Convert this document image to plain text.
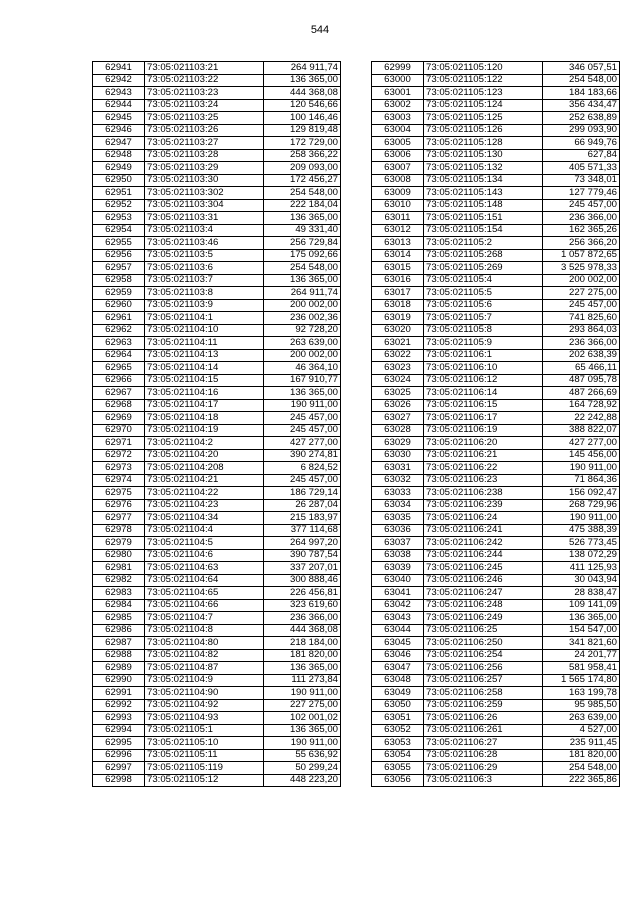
544
62941	73:05:021103:21	264 911,74
62942	73:05:021103:22	136 365,00
62943	73:05:021103:23	444 368,08
62944	73:05:021103:24	120 546,66
62945	73:05:021103:25	100 146,46
62946	73:05:021103:26	129 819,48
62947	73:05:021103:27	172 729,00
62948	73:05:021103:28	258 366,22
62949	73:05:021103:29	209 093,00
62950	73:05:021103:30	172 456,27
62951	73:05:021103:302	254 548,00
62952	73:05:021103:304	222 184,04
62953	73:05:021103:31	136 365,00
62954	73:05:021103:4	49 331,40
62955	73:05:021103:46	256 729,84
62956	73:05:021103:5	175 092,66
62957	73:05:021103:6	254 548,00
62958	73:05:021103:7	136 365,00
62959	73:05:021103:8	264 911,74
62960	73:05:021103:9	200 002,00
62961	73:05:021104:1	236 002,36
62962	73:05:021104:10	92 728,20
62963	73:05:021104:11	263 639,00
62964	73:05:021104:13	200 002,00
62965	73:05:021104:14	46 364,10
62966	73:05:021104:15	167 910,77
62967	73:05:021104:16	136 365,00
62968	73:05:021104:17	190 911,00
62969	73:05:021104:18	245 457,00
62970	73:05:021104:19	245 457,00
62971	73:05:021104:2	427 277,00
62972	73:05:021104:20	390 274,81
62973	73:05:021104:208	6 824,52
62974	73:05:021104:21	245 457,00
62975	73:05:021104:22	186 729,14
62976	73:05:021104:23	26 287,04
62977	73:05:021104:34	215 183,97
62978	73:05:021104:4	377 114,68
62979	73:05:021104:5	264 997,20
62980	73:05:021104:6	390 787,54
62981	73:05:021104:63	337 207,01
62982	73:05:021104:64	300 888,46
62983	73:05:021104:65	226 456,81
62984	73:05:021104:66	323 619,60
62985	73:05:021104:7	236 366,00
62986	73:05:021104:8	444 368,08
62987	73:05:021104:80	218 184,00
62988	73:05:021104:82	181 820,00
62989	73:05:021104:87	136 365,00
62990	73:05:021104:9	111 273,84
62991	73:05:021104:90	190 911,00
62992	73:05:021104:92	227 275,00
62993	73:05:021104:93	102 001,02
62994	73:05:021105:1	136 365,00
62995	73:05:021105:10	190 911,00
62996	73:05:021105:11	55 636,92
62997	73:05:021105:119	50 299,24
62998	73:05:021105:12	448 223,20
62999	73:05:021105:120	346 057,51
63000	73:05:021105:122	254 548,00
63001	73:05:021105:123	184 183,66
63002	73:05:021105:124	356 434,47
63003	73:05:021105:125	252 638,89
63004	73:05:021105:126	299 093,90
63005	73:05:021105:128	66 949,76
63006	73:05:021105:130	627,84
63007	73:05:021105:132	405 571,33
63008	73:05:021105:134	73 348,01
63009	73:05:021105:143	127 779,46
63010	73:05:021105:148	245 457,00
63011	73:05:021105:151	236 366,00
63012	73:05:021105:154	162 365,26
63013	73:05:021105:2	256 366,20
63014	73:05:021105:268	1 057 872,65
63015	73:05:021105:269	3 525 978,33
63016	73:05:021105:4	200 002,00
63017	73:05:021105:5	227 275,00
63018	73:05:021105:6	245 457,00
63019	73:05:021105:7	741 825,60
63020	73:05:021105:8	293 864,03
63021	73:05:021105:9	236 366,00
63022	73:05:021106:1	202 638,39
63023	73:05:021106:10	65 466,11
63024	73:05:021106:12	487 095,78
63025	73:05:021106:14	487 266,69
63026	73:05:021106:15	164 728,92
63027	73:05:021106:17	22 242,88
63028	73:05:021106:19	388 822,07
63029	73:05:021106:20	427 277,00
63030	73:05:021106:21	145 456,00
63031	73:05:021106:22	190 911,00
63032	73:05:021106:23	71 864,36
63033	73:05:021106:238	156 092,47
63034	73:05:021106:239	268 729,96
63035	73:05:021106:24	190 911,00
63036	73:05:021106:241	475 388,39
63037	73:05:021106:242	526 773,45
63038	73:05:021106:244	138 072,29
63039	73:05:021106:245	411 125,93
63040	73:05:021106:246	30 043,94
63041	73:05:021106:247	28 838,47
63042	73:05:021106:248	109 141,09
63043	73:05:021106:249	136 365,00
63044	73:05:021106:25	154 547,00
63045	73:05:021106:250	341 821,60
63046	73:05:021106:254	24 201,77
63047	73:05:021106:256	581 958,41
63048	73:05:021106:257	1 565 174,80
63049	73:05:021106:258	163 199,78
63050	73:05:021106:259	95 985,50
63051	73:05:021106:26	263 639,00
63052	73:05:021106:261	4 527,00
63053	73:05:021106:27	235 911,45
63054	73:05:021106:28	181 820,00
63055	73:05:021106:29	254 548,00
63056	73:05:021106:3	222 365,86
